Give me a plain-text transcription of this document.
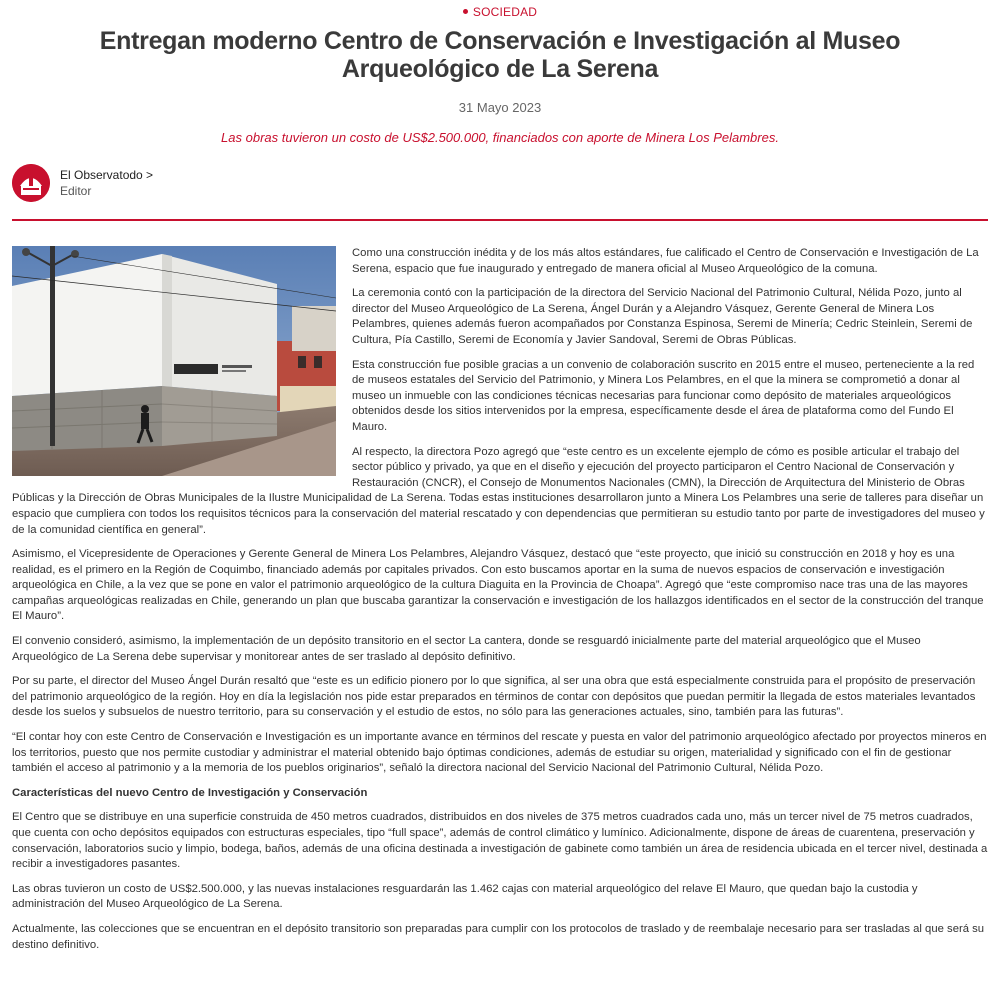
SOCIEDAD
Entregan moderno Centro de Conservación e Investigación al Museo Arqueológico de La Serena
31 Mayo 2023
Las obras tuvieron un costo de US$2.500.000, financiados con aporte de Minera Los Pelambres.
El Observatodo >
Editor

Como una construcción inédita y de los más altos estándares, fue calificado el Centro de Conservación e Investigación de La Serena, espacio que fue inaugurado y entregado de manera oficial al Museo Arqueológico de la comuna.

La ceremonia contó con la participación de la directora del Servicio Nacional del Patrimonio Cultural, Nélida Pozo, junto al director del Museo Arqueológico de La Serena, Ángel Durán y a Alejandro Vásquez, Gerente General de Minera Los Pelambres, quienes además fueron acompañados por Constanza Espinosa, Seremi de Minería; Cedric Steinlein, Seremi de Cultura, Pía Castillo, Seremi de Economía y Javier Sandoval, Seremi de Obras Públicas.

Esta construcción fue posible gracias a un convenio de colaboración suscrito en 2015 entre el museo, perteneciente a la red de museos estatales del Servicio del Patrimonio, y Minera Los Pelambres, en el que la minera se comprometió a donar al museo un inmueble con las condiciones técnicas necesarias para funcionar como depósito de materiales arqueológicos obtenidos desde los sitios intervenidos por la empresa, específicamente desde el área de plataforma como del Fundo El Mauro.

Al respecto, la directora Pozo agregó que “este centro es un excelente ejemplo de cómo es posible articular el trabajo del sector público y privado, ya que en el diseño y ejecución del proyecto participaron el Centro Nacional de Conservación y Restauración (CNCR), el Consejo de Monumentos Nacionales (CMN), la Dirección de Arquitectura del Ministerio de Obras Públicas y la Dirección de Obras Municipales de la Ilustre Municipalidad de La Serena. Todas estas instituciones desarrollaron junto a Minera Los Pelambres una serie de talleres para diseñar un espacio que cumpliera con todos los requisitos técnicos para la conservación del material rescatado y con dependencias que permitieran su estudio tanto por parte de investigadores del museo y de la comunidad científica en general”.

Asimismo, el Vicepresidente de Operaciones y Gerente General de Minera Los Pelambres, Alejandro Vásquez, destacó que “este proyecto, que inició su construcción en 2018 y hoy es una realidad, es el primero en la Región de Coquimbo, financiado además por capitales privados. Con esto buscamos aportar en la suma de nuevos espacios de conservación e investigación arqueológica en Chile, a la vez que se pone en valor el patrimonio arqueológico de la cultura Diaguita en la Provincia de Choapa”. Agregó que “este compromiso nace tras una de las mayores campañas arqueológicas realizadas en Chile, generando un plan que buscaba garantizar la conservación e investigación de los hallazgos identificados en el sector de la construcción del tranque El Mauro”.

El convenio consideró, asimismo, la implementación de un depósito transitorio en el sector La cantera, donde se resguardó inicialmente parte del material arqueológico que el Museo Arqueológico de La Serena debe supervisar y monitorear antes de ser traslado al depósito definitivo.

Por su parte, el director del Museo Ángel Durán resaltó que “este es un edificio pionero por lo que significa, al ser una obra que está especialmente construida para el propósito de preservación del patrimonio arqueológico de la región. Hoy en día la legislación nos pide estar preparados en términos de contar con depósitos que puedan permitir la llegada de estos materiales levantados desde los suelos y subsuelos de nuestro territorio, para su conservación y el estudio de estos, no sólo para las generaciones actuales, sino, también para las futuras”.

“El contar hoy con este Centro de Conservación e Investigación es un importante avance en términos del rescate y puesta en valor del patrimonio arqueológico afectado por proyectos mineros en los territorios, puesto que nos permite custodiar y administrar el material obtenido bajo óptimas condiciones, además de estudiar su origen, materialidad y significado con el fin de gestionar también el acceso al patrimonio y a la memoria de los pueblos originarios”, señaló la directora nacional del Servicio Nacional del Patrimonio Cultural, Nélida Pozo.

Características del nuevo Centro de Investigación y Conservación

El Centro que se distribuye en una superficie construida de 450 metros cuadrados, distribuidos en dos niveles de 375 metros cuadrados cada uno, más un tercer nivel de 75 metros cuadrados, que cuenta con ocho depósitos equipados con estructuras especiales, tipo “full space”, además de control climático y lumínico. Adicionalmente, dispone de áreas de cuarentena, preservación y conservación, laboratorios sucio y limpio, bodega, baños, además de una oficina destinada a investigación de gabinete como también un área de residencia ubicada en el tercer nivel, destinada a recibir a investigadores pasantes.

Las obras tuvieron un costo de US$2.500.000, y las nuevas instalaciones resguardarán las 1.462 cajas con material arqueológico del relave El Mauro, que quedan bajo la custodia y administración del Museo Arqueológico de La Serena.

Actualmente, las colecciones que se encuentran en el depósito transitorio son preparadas para cumplir con los protocolos de traslado y de reembalaje necesario para ser trasladas al que será su destino definitivo.
